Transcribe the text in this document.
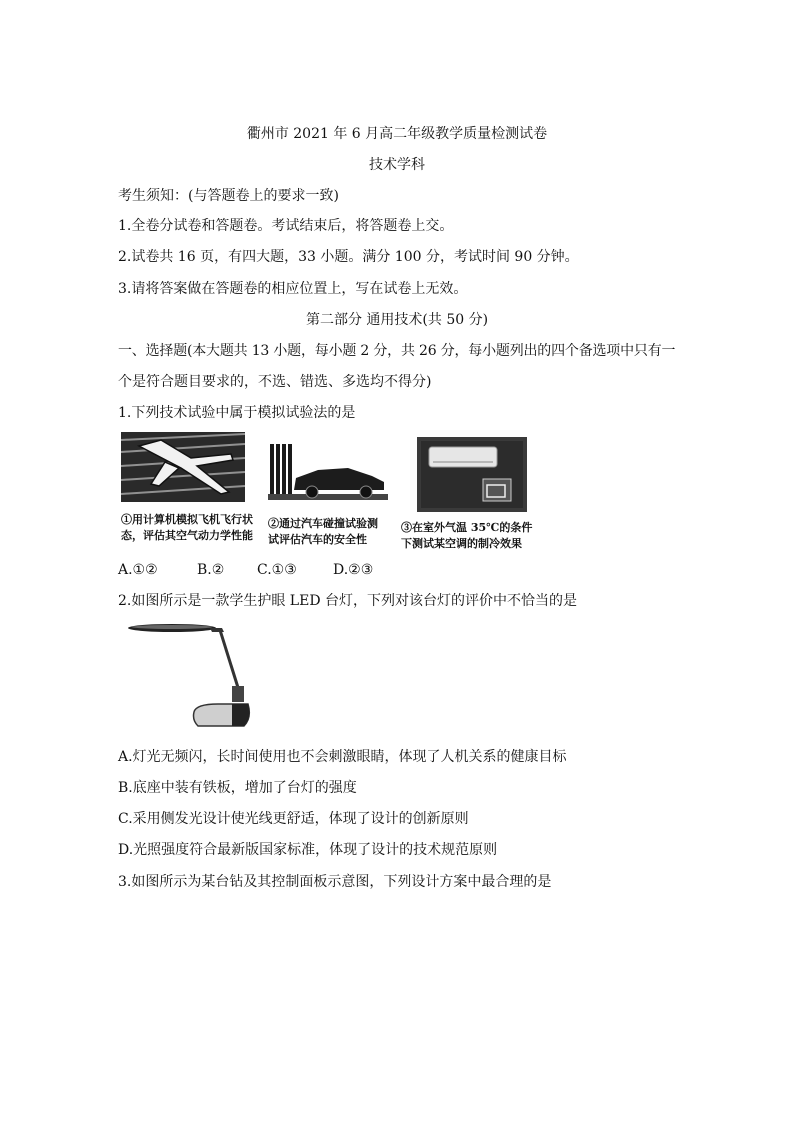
衢州市 2021 年 6 月高二年级教学质量检测试卷
技术学科
考生须知：(与答题卷上的要求一致)
1.全卷分试卷和答题卷。考试结束后，将答题卷上交。
2.试卷共 16 页，有四大题，33 小题。满分 100 分，考试时间 90 分钟。
3.请将答案做在答题卷的相应位置上，写在试卷上无效。
第二部分 通用技术(共 50 分)
一、选择题(本大题共 13 小题，每小题 2 分，共 26 分，每小题列出的四个备选项中只有一
个是符合题目要求的，不选、错选、多选均不得分)
1.下列技术试验中属于模拟试验法的是
①用计算机模拟飞机飞行状
态，评估其空气动力学性能
②通过汽车碰撞试验测
试评估汽车的安全性
③在室外气温 35℃的条件
下测试某空调的制冷效果
A.①②	B.② C.①③	D.②③
2.如图所示是一款学生护眼 LED 台灯，下列对该台灯的评价中不恰当的是
A.灯光无频闪，长时间使用也不会刺激眼睛，体现了人机关系的健康目标
B.底座中装有铁板，增加了台灯的强度
C.采用侧发光设计使光线更舒适，体现了设计的创新原则
D.光照强度符合最新版国家标准，体现了设计的技术规范原则
3.如图所示为某台钻及其控制面板示意图，下列设计方案中最合理的是
